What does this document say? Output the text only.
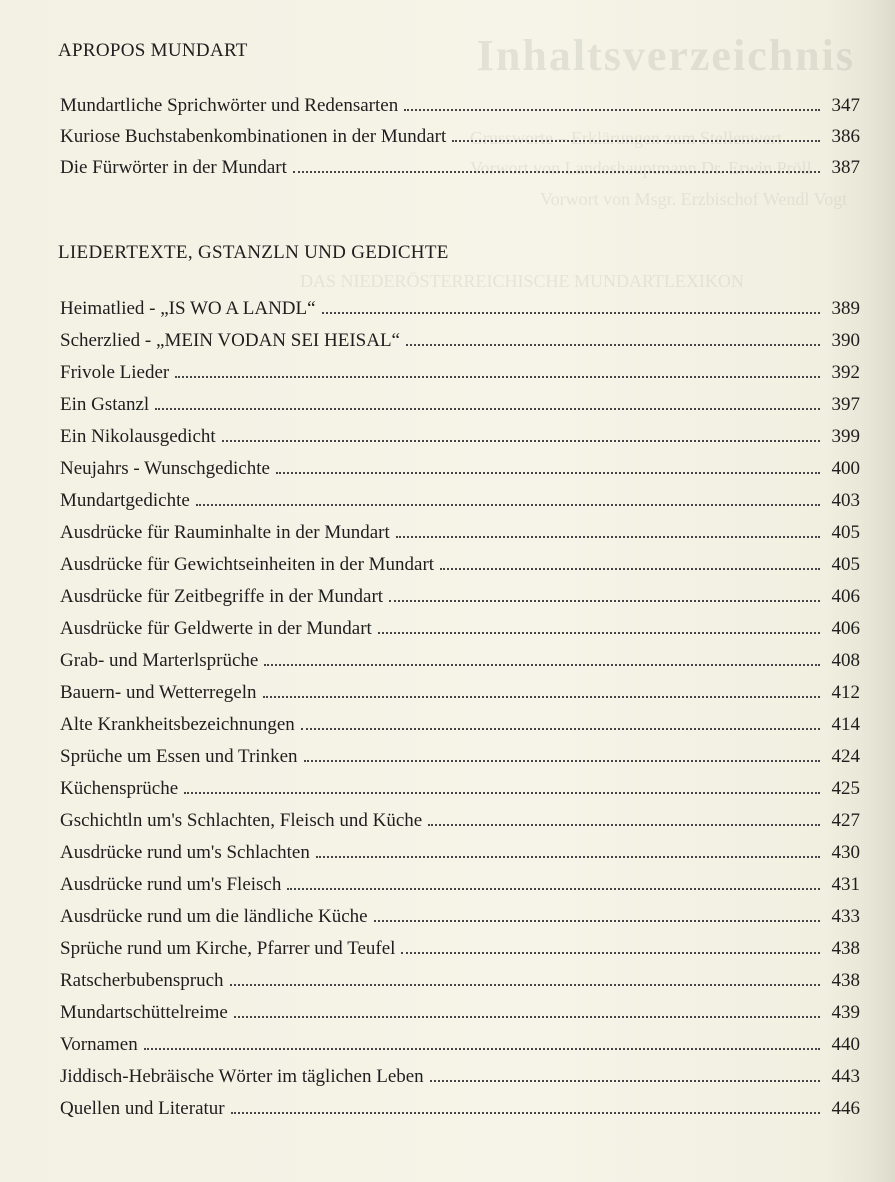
Inhaltsverzeichnis
Grussworte – Erklärungen zum Stellenwert
Vorwort von Landeshauptmann Dr. Erwin Pröll
Vorwort von Msgr. Erzbischof Wendl Vogt
DAS NIEDERÖSTERREICHISCHE MUNDARTLEXIKON
APROPOS MUNDART
Mundartliche Sprichwörter und Redensarten	347
Kuriose Buchstabenkombinationen in der Mundart	386
Die Fürwörter in der Mundart	387
LIEDERTEXTE, GSTANZLN UND GEDICHTE
Heimatlied - „IS WO A LANDL“	389
Scherzlied - „MEIN VODAN SEI HEISAL“	390
Frivole Lieder	392
Ein Gstanzl	397
Ein Nikolausgedicht	399
Neujahrs - Wunschgedichte	400
Mundartgedichte	403
Ausdrücke für Rauminhalte in der Mundart	405
Ausdrücke für Gewichtseinheiten in der Mundart	405
Ausdrücke für Zeitbegriffe in der Mundart	406
Ausdrücke für Geldwerte in der Mundart	406
Grab- und Marterlsprüche	408
Bauern- und Wetterregeln	412
Alte Krankheitsbezeichnungen	414
Sprüche um Essen und Trinken	424
Küchensprüche	425
Gschichtln um's Schlachten, Fleisch und Küche	427
Ausdrücke rund um's Schlachten	430
Ausdrücke rund um's Fleisch	431
Ausdrücke rund um die ländliche Küche	433
Sprüche rund um Kirche, Pfarrer und Teufel	438
Ratscherbubenspruch	438
Mundartschüttelreime	439
Vornamen	440
Jiddisch-Hebräische Wörter im täglichen Leben	443
Quellen und Literatur	446
